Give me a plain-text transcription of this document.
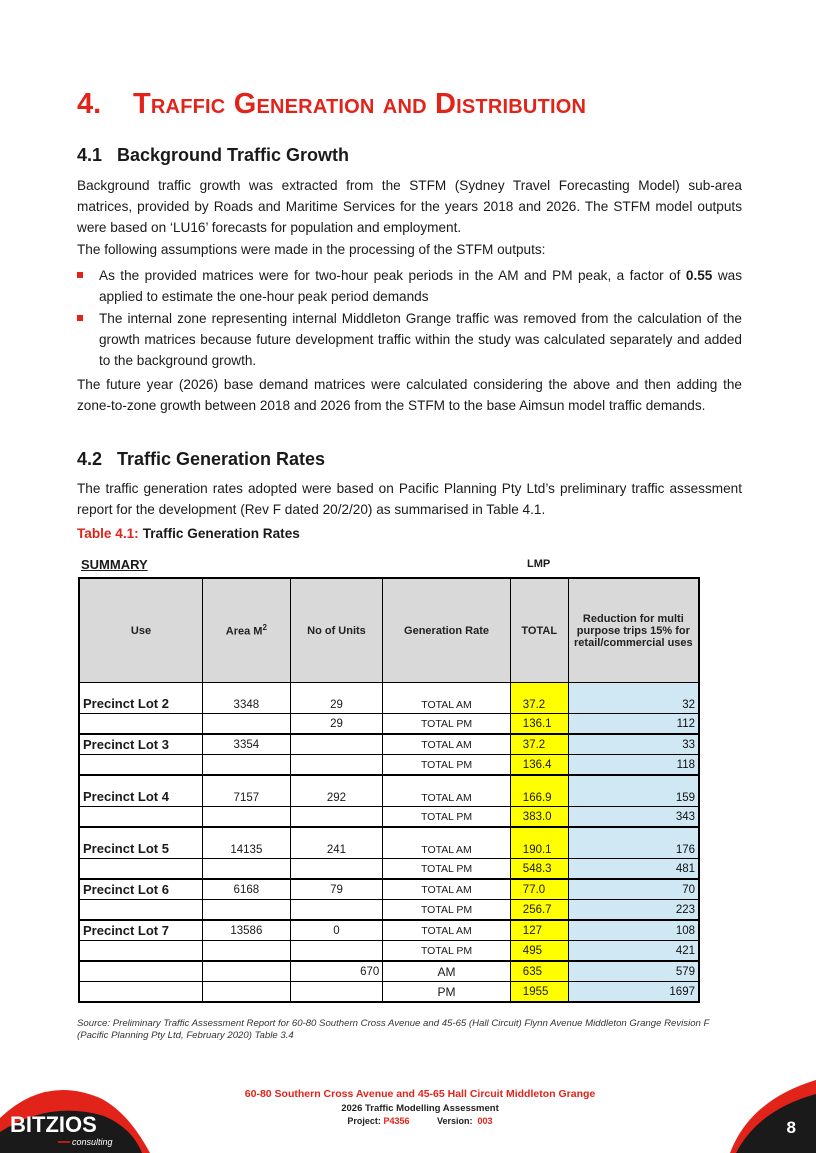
4. Traffic Generation and Distribution
4.1 Background Traffic Growth

Background traffic growth was extracted from the STFM (Sydney Travel Forecasting Model) sub-area matrices, provided by Roads and Maritime Services for the years 2018 and 2026. The STFM model outputs were based on ‘LU16’ forecasts for population and employment.

The following assumptions were made in the processing of the STFM outputs:

As the provided matrices were for two-hour peak periods in the AM and PM peak, a factor of 0.55 was applied to estimate the one-hour peak period demands

The internal zone representing internal Middleton Grange traffic was removed from the calculation of the growth matrices because future development traffic within the study was calculated separately and added to the background growth.

The future year (2026) base demand matrices were calculated considering the above and then adding the zone-to-zone growth between 2018 and 2026 from the STFM to the base Aimsun model traffic demands.

4.2 Traffic Generation Rates

The traffic generation rates adopted were based on Pacific Planning Pty Ltd’s preliminary traffic assessment report for the development (Rev F dated 20/2/20) as summarised in Table 4.1.

Table 4.1: Traffic Generation Rates
SUMMARY	LMP
Use	Area $M^2$	No of Units	Generation Rate	TOTAL	Reduction for multi purpose trips 15% for retail/commercial uses
Precinct Lot 2	3348	29	TOTAL AM	37.2	32
		29	TOTAL PM	136.1	112
Precinct Lot 3	3354		TOTAL AM	37.2	33
			TOTAL PM	136.4	118
Precinct Lot 4	7157	292	TOTAL AM	166.9	159
			TOTAL PM	383.0	343
Precinct Lot 5	14135	241	TOTAL AM	190.1	176
			TOTAL PM	548.3	481
Precinct Lot 6	6168	79	TOTAL AM	77.0	70
			TOTAL PM	256.7	223
Precinct Lot 7	13586	0	TOTAL AM	127	108
			TOTAL PM	495	421
		670	AM	635	579
			PM	1955	1697
Source: Preliminary Traffic Assessment Report for 60-80 Southern Cross Avenue and 45-65 (Hall Circuit) Flynn Avenue Middleton Grange Revision F (Pacific Planning Pty Ltd, February 2020) Table 3.4
BITZIOS
consulting
60-80 Southern Cross Avenue and 45-65 Hall Circuit Middleton Grange
2026 Traffic Modelling Assessment
Project: P4356	Version: 003	8
